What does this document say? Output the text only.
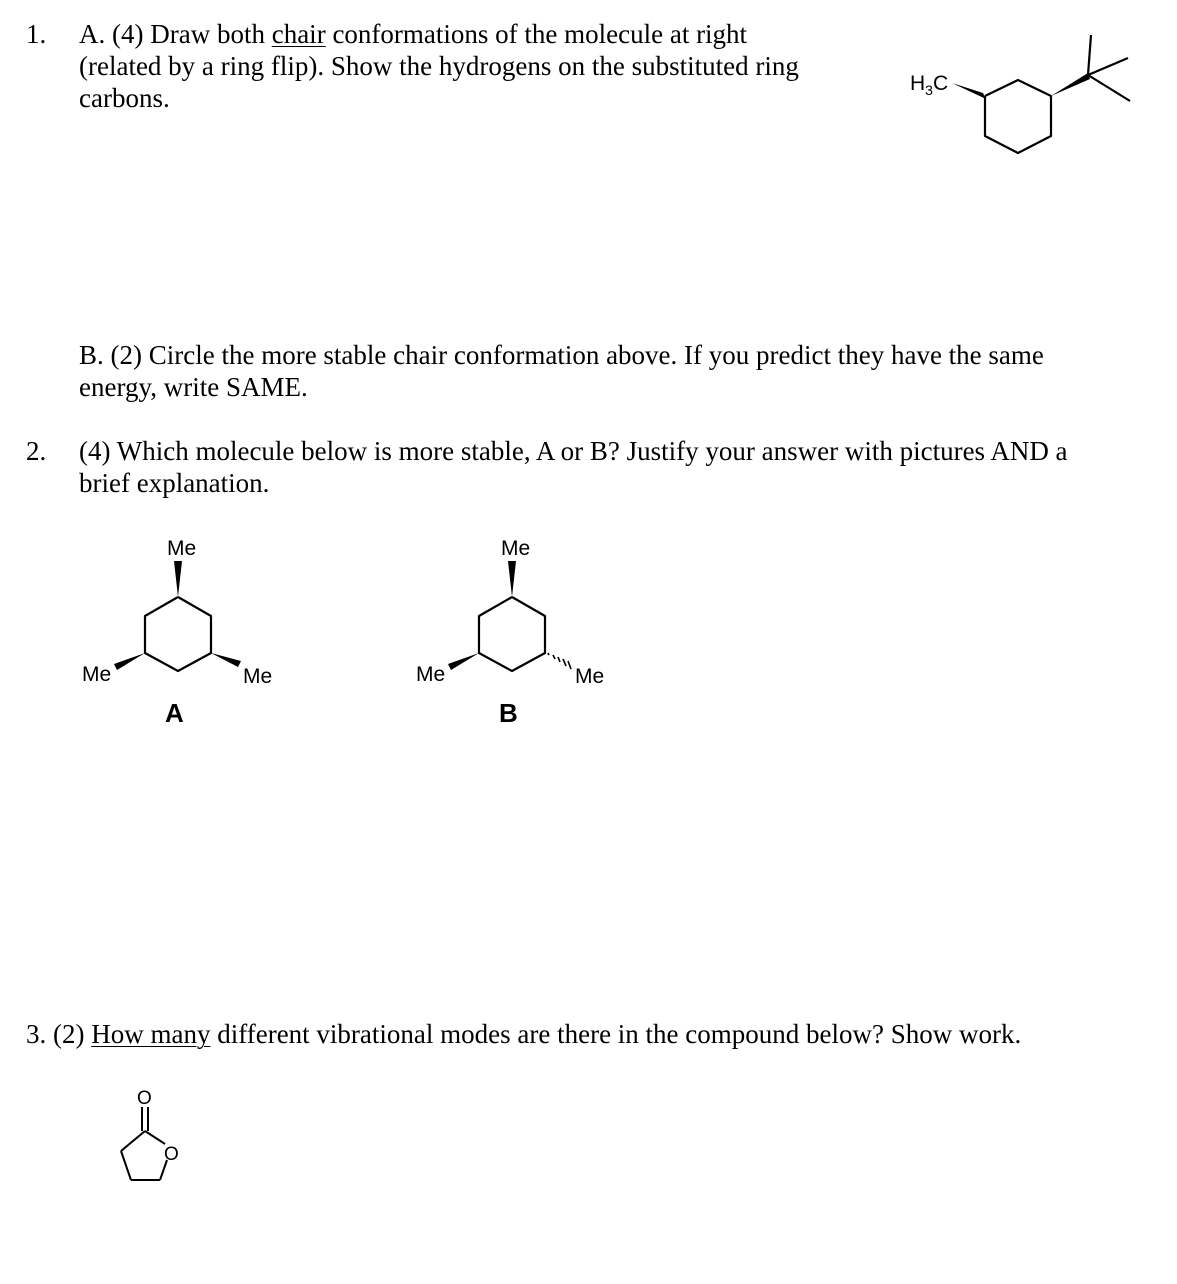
1. A. (4) Draw both chair conformations of the molecule at right
(related by a ring flip). Show the hydrogens on the substituted ring
carbons.	$H_3C$
B. (2) Circle the more stable chair conformation above. If you predict they have the same
energy, write SAME.
2. (4) Which molecule below is more stable, A or B? Justify your answer with pictures AND a
brief explanation.
Me
Me	Me
A
Me
Me	Me
B
3. (2) How many different vibrational modes are there in the compound below? Show work.
O
O
